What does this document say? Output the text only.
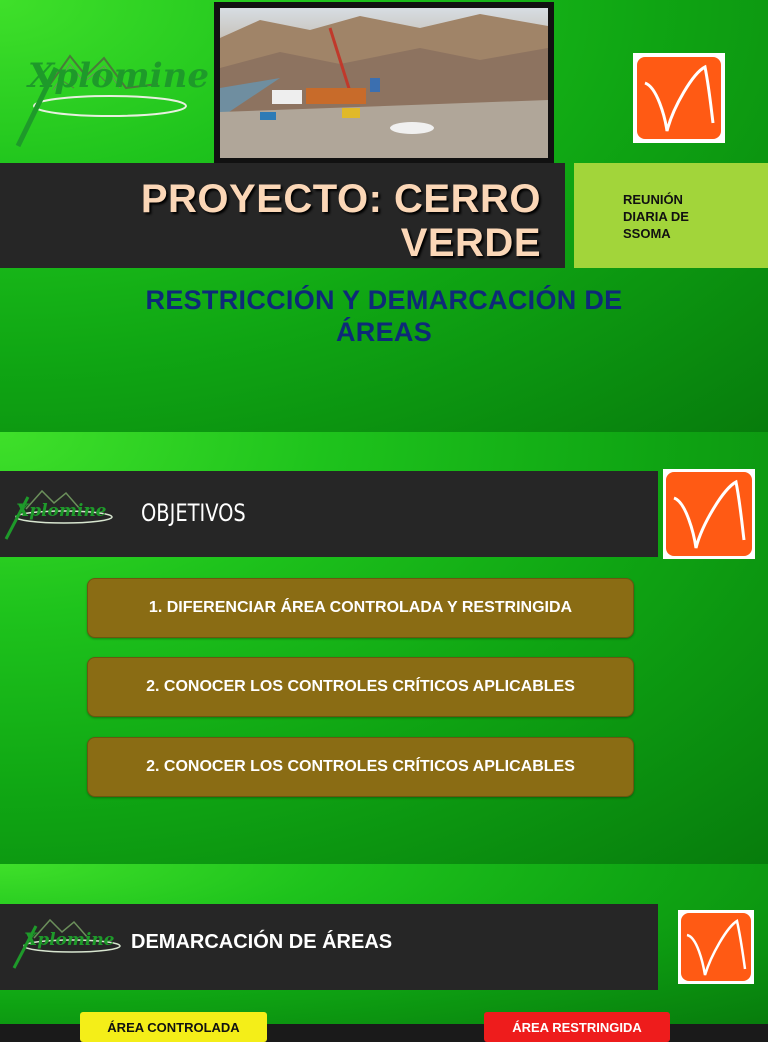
Xplomine
PROYECTO: CERRO
VERDE
REUNIÓN
DIARIA DE
SSOMA
RESTRICCIÓN Y DEMARCACIÓN DE
ÁREAS
Xplomine OBJETIVOS
1. DIFERENCIAR ÁREA CONTROLADA Y RESTRINGIDA
2. CONOCER LOS CONTROLES CRÍTICOS APLICABLES
2. CONOCER LOS CONTROLES CRÍTICOS APLICABLES
Xplomine DEMARCACIÓN DE ÁREAS
ÁREA CONTROLADA	ÁREA RESTRINGIDA
